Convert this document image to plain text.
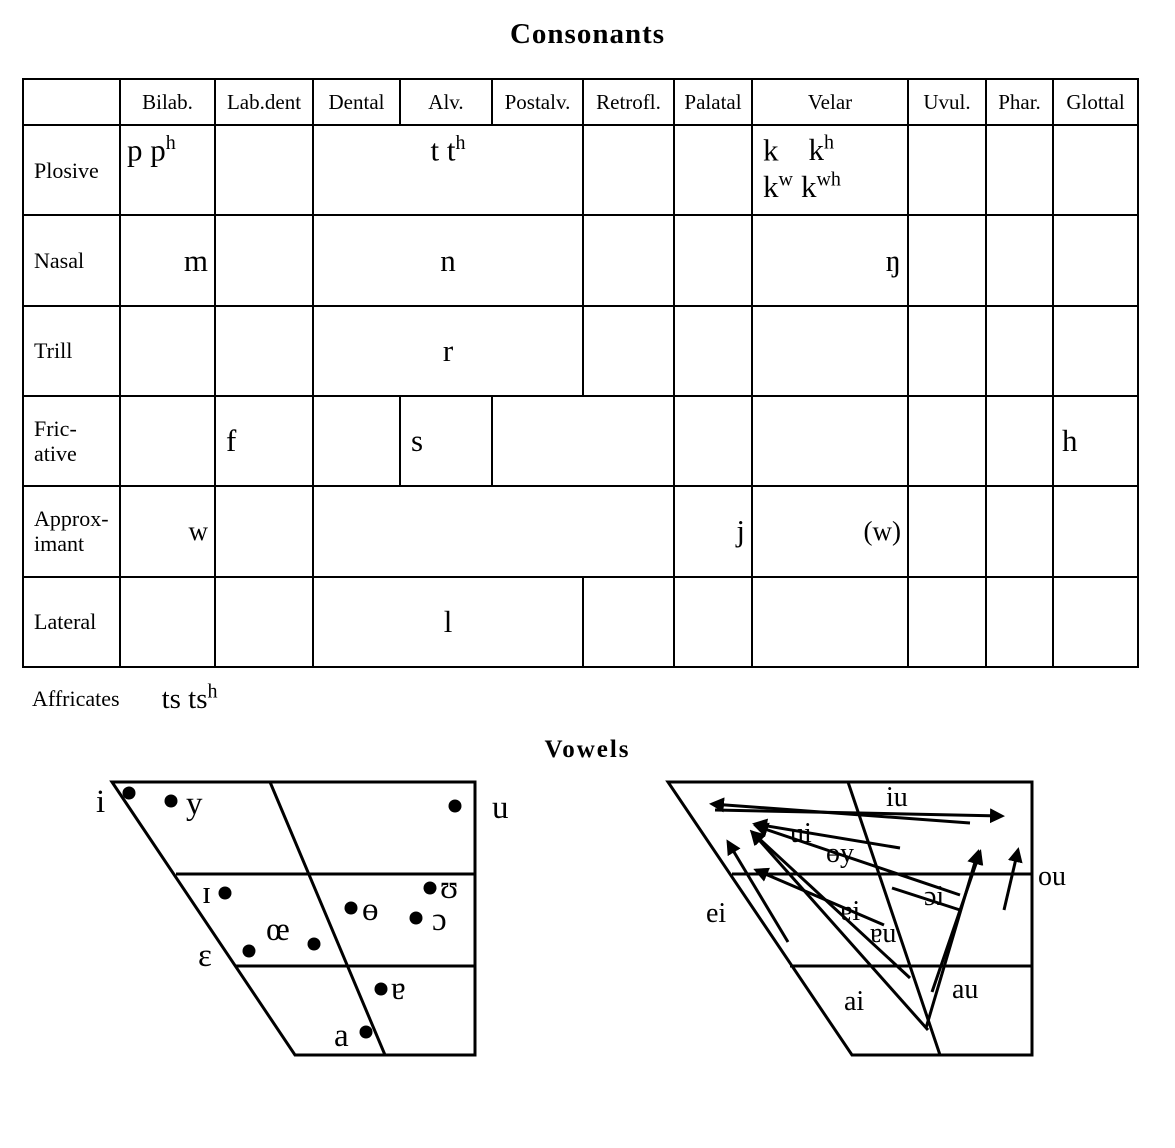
Consonants
	Bilab.	Lab.dent	Dental	Alv.	Postalv.	Retrofl.	Palatal	Velar	Uvul.	Phar.	Glottal
Plosive	p $p^h$		t $t^h$					k $k^h$
$k^w$ $k^{wh}$

Nasal	m		n					ŋ			
Trill			r								

Fric-
ative		f		s							h

Approx-
imant	w						j	(w)			
Lateral			l								
Affricates ts $ts^h$
Vowels
i y	u
ɪ	ʊ
ɵ ɔ
œ
ɛ
ɐ
a
iu
ui
ɵy
ou
ɔi
ei	ɐi
ɐu
ai	au
